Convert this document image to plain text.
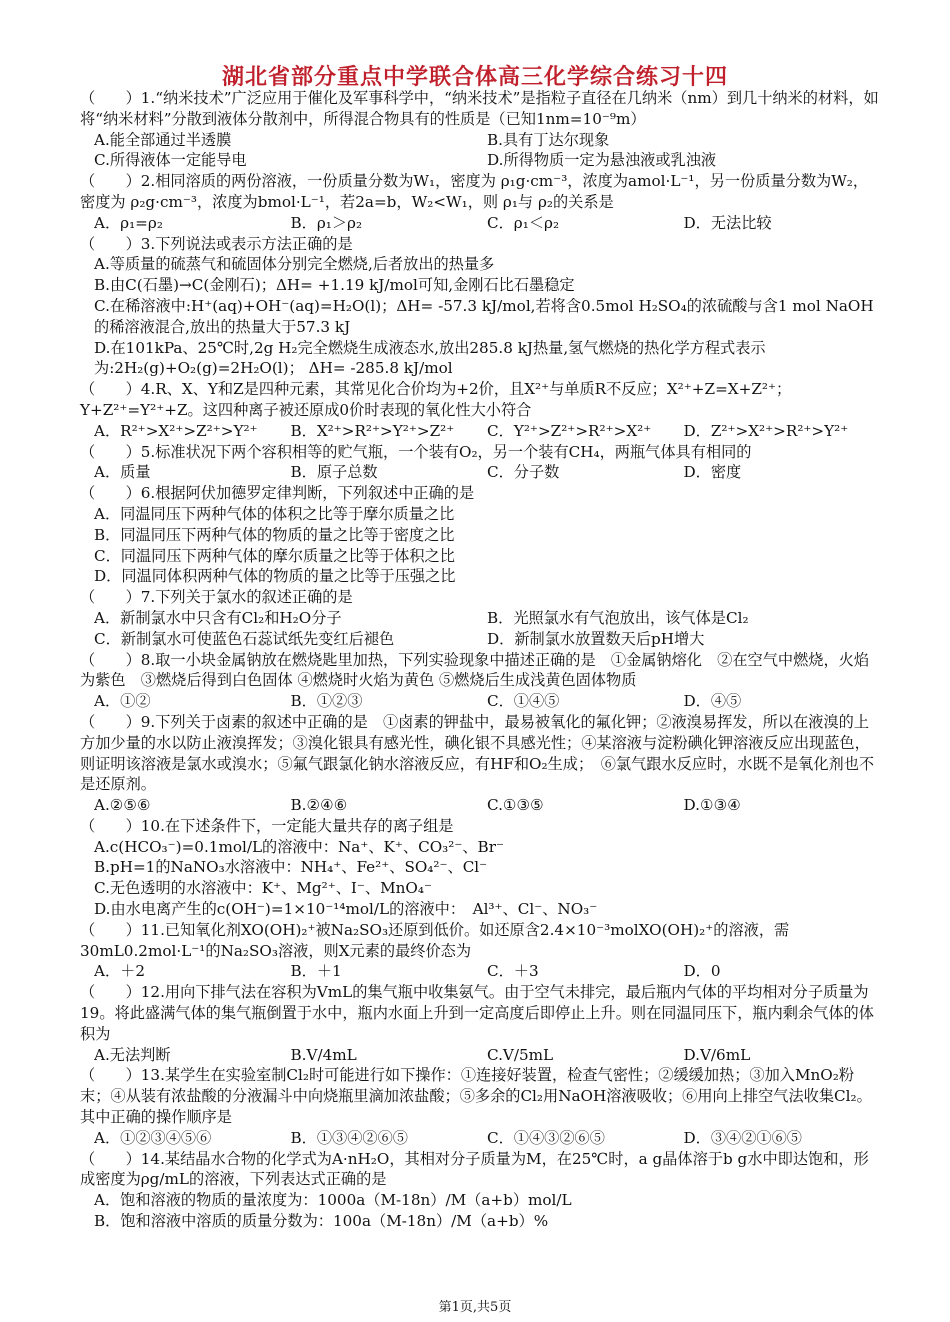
湖北省部分重点中学联合体高三化学综合练习十四

（　　）1.“纳米技术”广泛应用于催化及军事科学中，“纳米技术”是指粒子直径在几纳米（nm）到几十纳米的材料，如将“纳米材料”分散到液体分散剂中，所得混合物具有的性质是（已知1nm=10⁻⁹m）

A.能全部通过半透膜	B.具有丁达尔现象
C.所得液体一定能导电	D.所得物质一定为悬浊液或乳浊液

（　　）2.相同溶质的两份溶液，一份质量分数为W₁，密度为 ρ₁g·cm⁻³，浓度为amol·L⁻¹，另一份质量分数为W₂，密度为 ρ₂g·cm⁻³，浓度为bmol·L⁻¹，若2a=b，W₂<W₁，则 ρ₁与 ρ₂的关系是

A．ρ₁=ρ₂	B．ρ₁＞ρ₂	C．ρ₁＜ρ₂	D．无法比较

（　　）3.下列说法或表示方法正确的是

A.等质量的硫蒸气和硫固体分别完全燃烧,后者放出的热量多

B.由C(石墨)→C(金刚石)；ΔH= +1.19 kJ/mol可知,金刚石比石墨稳定

C.在稀溶液中:H⁺(aq)+OH⁻(aq)=H₂O(l)；ΔH= -57.3 kJ/mol,若将含0.5mol H₂SO₄的浓硫酸与含1 mol NaOH的稀溶液混合,放出的热量大于57.3 kJ

D.在101kPa、25℃时,2g H₂完全燃烧生成液态水,放出285.8 kJ热量,氢气燃烧的热化学方程式表示为:2H₂(g)+O₂(g)=2H₂O(l)； ΔH= -285.8 kJ/mol

（　　）4.R、X、Y和Z是四种元素，其常见化合价均为+2价，且X²⁺与单质R不反应；X²⁺+Z=X+Z²⁺；Y+Z²⁺=Y²⁺+Z。这四种离子被还原成0价时表现的氧化性大小符合

A．R²⁺>X²⁺>Z²⁺>Y²⁺	B．X²⁺>R²⁺>Y²⁺>Z²⁺	C．Y²⁺>Z²⁺>R²⁺>X²⁺	D．Z²⁺>X²⁺>R²⁺>Y²⁺

（　　）5.标准状况下两个容积相等的贮气瓶，一个装有O₂，另一个装有CH₄，两瓶气体具有相同的

A．质量	B．原子总数	C．分子数	D．密度

（　　）6.根据阿伏加德罗定律判断，下列叙述中正确的是

A．同温同压下两种气体的体积之比等于摩尔质量之比

B．同温同压下两种气体的物质的量之比等于密度之比

C．同温同压下两种气体的摩尔质量之比等于体积之比

D．同温同体积两种气体的物质的量之比等于压强之比

（　　）7.下列关于氯水的叙述正确的是

A．新制氯水中只含有Cl₂和H₂O分子	B．光照氯水有气泡放出，该气体是Cl₂
C．新制氯水可使蓝色石蕊试纸先变红后褪色	D．新制氯水放置数天后pH增大

（　　）8.取一小块金属钠放在燃烧匙里加热，下列实验现象中描述正确的是　①金属钠熔化　②在空气中燃烧，火焰为紫色　③燃烧后得到白色固体 ④燃烧时火焰为黄色 ⑤燃烧后生成浅黄色固体物质

A．①②	B．①②③	C．①④⑤	D．④⑤

（　　）9.下列关于卤素的叙述中正确的是　①卤素的钾盐中，最易被氧化的氟化钾；②液溴易挥发，所以在液溴的上方加少量的水以防止液溴挥发；③溴化银具有感光性，碘化银不具感光性；④某溶液与淀粉碘化钾溶液反应出现蓝色，则证明该溶液是氯水或溴水；⑤氟气跟氯化钠水溶液反应，有HF和O₂生成；　⑥氯气跟水反应时，水既不是氧化剂也不是还原剂。

A.②⑤⑥	B.②④⑥	C.①③⑤	D.①③④

（　　）10.在下述条件下，一定能大量共存的离子组是

A.c(HCO₃⁻)=0.1mol/L的溶液中：Na⁺、K⁺、CO₃²⁻、Br⁻

B.pH=1的NaNO₃水溶液中：NH₄⁺、Fe²⁺、SO₄²⁻、Cl⁻

C.无色透明的水溶液中：K⁺、Mg²⁺、I⁻、MnO₄⁻

D.由水电离产生的c(OH⁻)=1×10⁻¹⁴mol/L的溶液中：　Al³⁺、Cl⁻、NO₃⁻

（　　）11.已知氧化剂XO(OH)₂⁺被Na₂SO₃还原到低价。如还原含2.4×10⁻³molXO(OH)₂⁺的溶液，需30mL0.2mol·L⁻¹的Na₂SO₃溶液，则X元素的最终价态为

A．＋2	B．＋1	C．＋3	D．0

（　　）12.用向下排气法在容积为VmL的集气瓶中收集氨气。由于空气未排完，最后瓶内气体的平均相对分子质量为19。将此盛满气体的集气瓶倒置于水中，瓶内水面上升到一定高度后即停止上升。则在同温同压下，瓶内剩余气体的体积为

A.无法判断	B.V/4mL	C.V/5mL	D.V/6mL

（　　）13.某学生在实验室制Cl₂时可能进行如下操作：①连接好装置，检查气密性；②缓缓加热；③加入MnO₂粉末；④从装有浓盐酸的分液漏斗中向烧瓶里滴加浓盐酸；⑤多余的Cl₂用NaOH溶液吸收；⑥用向上排空气法收集Cl₂。　其中正确的操作顺序是

A．①②③④⑤⑥	B．①③④②⑥⑤	C．①④③②⑥⑤	D．③④②①⑥⑤

（　　）14.某结晶水合物的化学式为A·nH₂O，其相对分子质量为M，在25℃时，a g晶体溶于b g水中即达饱和，形成密度为ρg/mL的溶液，下列表达式正确的是

A．饱和溶液的物质的量浓度为：1000a（M-18n）/M（a+b）mol/L

B．饱和溶液中溶质的质量分数为：100a（M-18n）/M（a+b）%

第1页,共5页
